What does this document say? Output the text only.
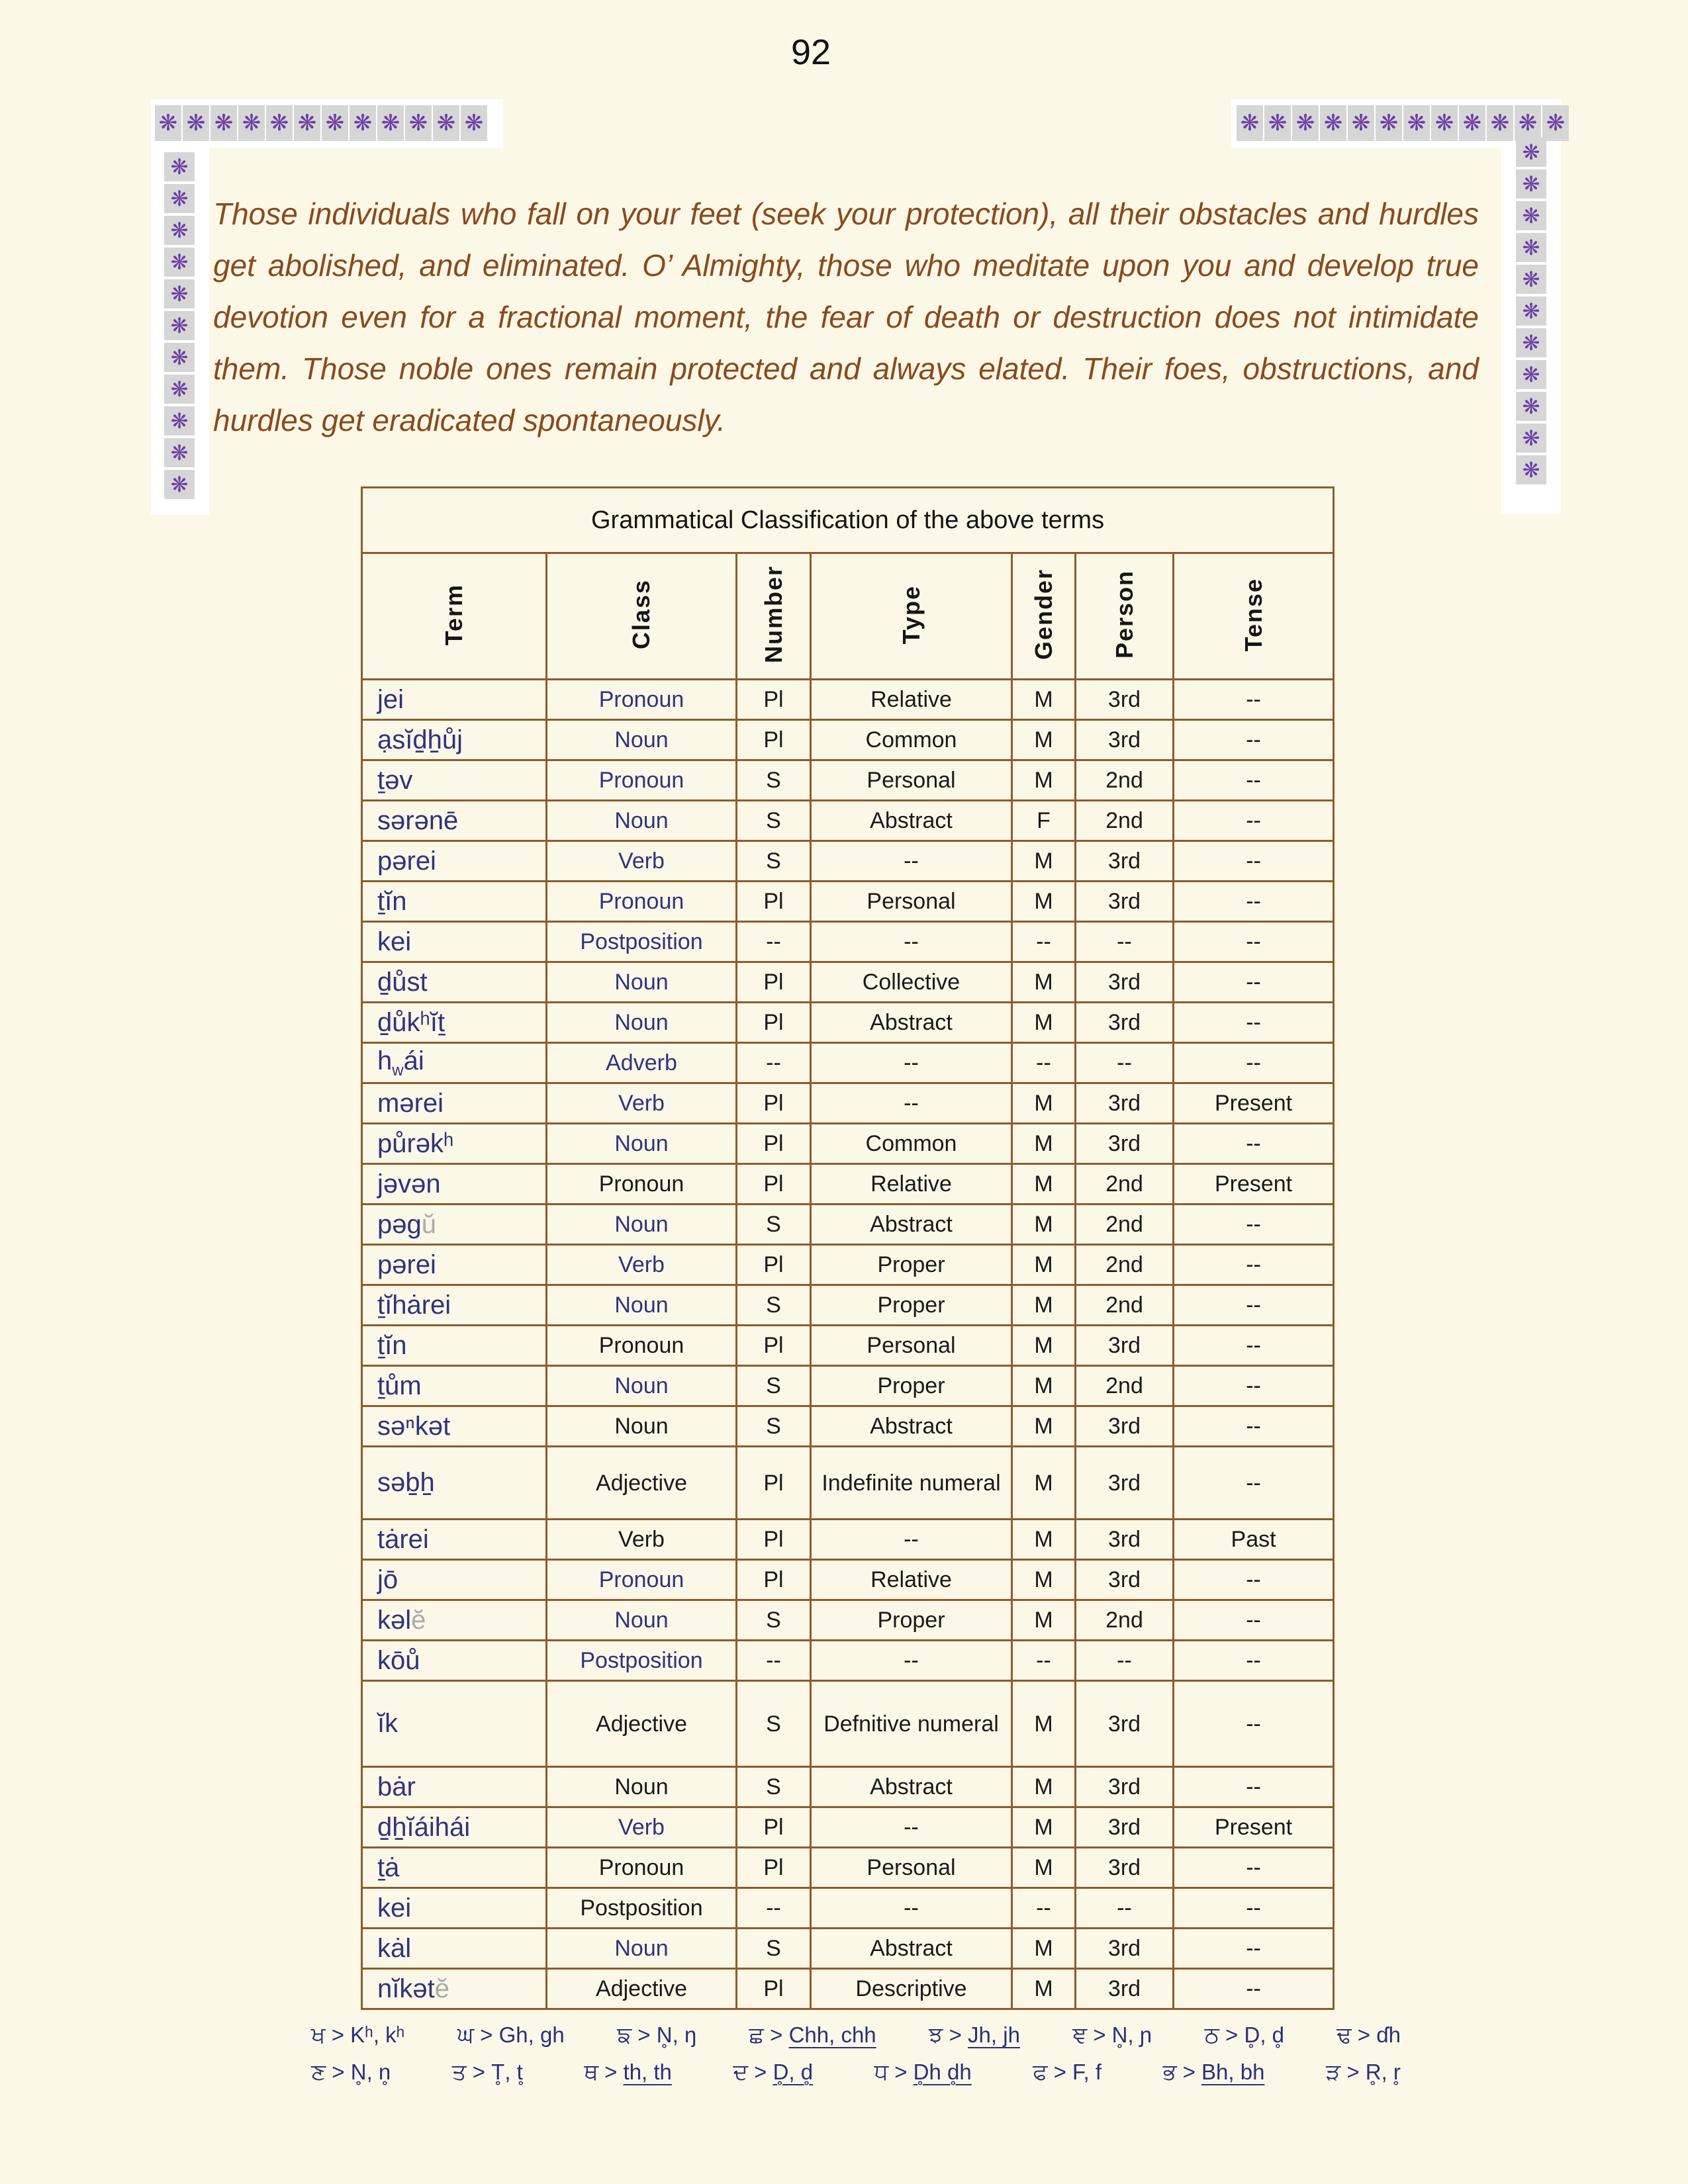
❋ ❋ ❋ ❋ ❋ ❋ ❋ ❋ ❋ ❋ ❋ ❋	❋ ❋ ❋ ❋ ❋ ❋ ❋ ❋ ❋ ❋ ❋ ❋
❋
❋
❋
❋
❋
❋
❋
❋
❋
❋
❋
❋
❋
❋
❋
❋
❋
❋
❋
❋
❋
❋
92
Those individuals who fall on your feet (seek your protection), all their obstacles and hurdles get abolished, and eliminated. O’ Almighty, those who meditate upon you and develop true devotion even for a fractional moment, the fear of death or destruction does not intimidate them. Those noble ones remain protected and always elated. Their foes, obstructions, and hurdles get eradicated spontaneously.
Grammatical Classification of the above terms						
Term	Class	Number	Type	Gender	Person	Tense
jei	Pronoun	Pl	Relative	M	3rd	--
ạsĭd̠h̠ůj	Noun	Pl	Common	M	3rd	--
ṯəv	Pronoun	S	Personal	M	2nd	--
sərənē	Noun	S	Abstract	F	2nd	--
pərei	Verb	S	--	M	3rd	--
ṯĭn	Pronoun	Pl	Personal	M	3rd	--
kei	Postposition	--	--	--	--	--
d̠ůst	Noun	Pl	Collective	M	3rd	--
d̠ůkʰĭṯ	Noun	Pl	Abstract	M	3rd	--
$h_wái$	Adverb	--	--	--	--	--
mərei	Verb	Pl	--	M	3rd	Present
půrəkʰ	Noun	Pl	Common	M	3rd	--
jəvən	Pronoun	Pl	Relative	M	2nd	Present
pəgŭ	Noun	S	Abstract	M	2nd	--
pərei	Verb	Pl	Proper	M	2nd	--
ṯĭhȧrei	Noun	S	Proper	M	2nd	--
ṯĭn	Pronoun	Pl	Personal	M	3rd	--
ṯům	Noun	S	Proper	M	2nd	--
səⁿkət	Noun	S	Abstract	M	3rd	--
səb̠h̠	Adjective	Pl	Indefinite numeral	M	3rd	--
tȧrei	Verb	Pl	--	M	3rd	Past
jō	Pronoun	Pl	Relative	M	3rd	--
kəlĕ	Noun	S	Proper	M	2nd	--
kōů	Postposition	--	--	--	--	--
ĭk	Adjective	S	Defnitive numeral	M	3rd	--
bȧr	Noun	S	Abstract	M	3rd	--
d̠h̠ĭáihái	Verb	Pl	--	M	3rd	Present
ṯȧ	Pronoun	Pl	Personal	M	3rd	--
kei	Postposition	--	--	--	--	--
kȧl	Noun	S	Abstract	M	3rd	--
nĭkətĕ	Adjective	Pl	Descriptive	M	3rd	--
ਖ > Kʰ, kʰ ਘ > Gh, gh ਙ > N̥, ŋ ਛ > Chh, chh ਝ > Jh, jh ਞ > N̥, ɲ ਠ > D̥, d̥ ਢ > ɗh
ਣ > N̥, n̥	ਤ > T̥, t̥	ਥ > th, th	ਦ > D̥, d̥	ਧ > D̥h d̥h	ਫ > F, f	ਭ > Bh, bh	ੜ > R̥, r̥
